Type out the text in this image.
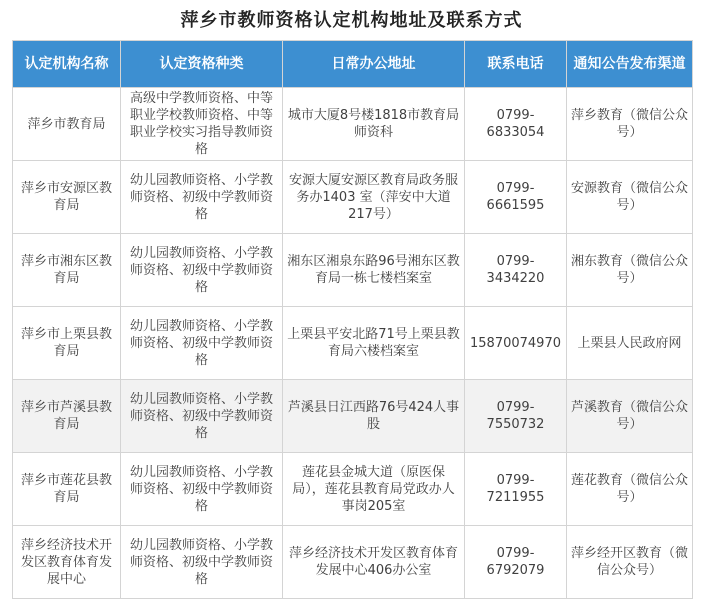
萍乡市教师资格认定机构地址及联系方式
认定机构名称	认定资格种类	日常办公地址	联系电话	通知公告发布渠道
萍乡市教育局	高级中学教师资格、中等职业学校教师资格、中等职业学校实习指导教师资格	城市大厦8号楼1818市教育局师资科	0799-6833054	萍乡教育（微信公众号）
萍乡市安源区教育局	幼儿园教师资格、小学教师资格、初级中学教师资格	安源大厦安源区教育局政务服务办1403 室（萍安中大道217号）	0799-6661595	安源教育（微信公众号）
萍乡市湘东区教育局	幼儿园教师资格、小学教师资格、初级中学教师资格	湘东区湘泉东路96号湘东区教育局一栋七楼档案室	0799-3434220	湘东教育（微信公众号）
萍乡市上栗县教育局	幼儿园教师资格、小学教师资格、初级中学教师资格	上栗县平安北路71号上栗县教育局六楼档案室	15870074970	上栗县人民政府网
萍乡市芦溪县教育局	幼儿园教师资格、小学教师资格、初级中学教师资格	芦溪县日江西路76号424人事股	0799-7550732	芦溪教育（微信公众号）
萍乡市莲花县教育局	幼儿园教师资格、小学教师资格、初级中学教师资格	莲花县金城大道（原医保局），莲花县教育局党政办人事岗205室	0799-7211955	莲花教育（微信公众号）
萍乡经济技术开发区教育体育发展中心	幼儿园教师资格、小学教师资格、初级中学教师资格	萍乡经济技术开发区教育体育发展中心406办公室	0799-6792079	萍乡经开区教育（微信公众号）
